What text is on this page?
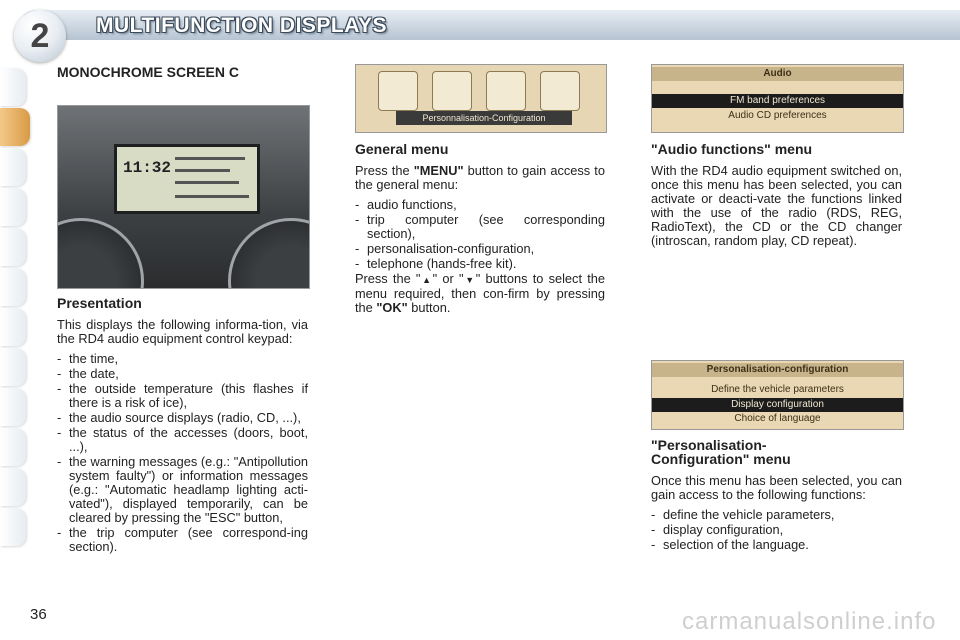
2	MULTIFUNCTION DISPLAYS
MONOCHROME SCREEN C
11:32
Presentation

This displays the following informa-tion, via the RD4 audio equipment control keypad:

- the time,
- the date,
- the outside temperature (this flashes if there is a risk of ice),
- the audio source displays (radio, CD, ...),
- the status of the accesses (doors, boot, ...),
- the warning messages (e.g.: "Antipollution system faulty") or information messages (e.g.: "Automatic headlamp lighting acti-vated"), displayed temporarily, can be cleared by pressing the "ESC" button,
- the trip computer (see correspond-ing section).
Personnalisation-Configuration
General menu

Press the "MENU" button to gain access to the general menu:

- audio functions,
- trip computer (see corresponding section),
- personalisation-configuration,
- telephone (hands-free kit).

Press the "▲" or "▼" buttons to select the menu required, then con-firm by pressing the "OK" button.

Audio
FM band preferences
Audio CD preferences
"Audio functions" menu

With the RD4 audio equipment switched on, once this menu has been selected, you can activate or deacti-vate the functions linked with the use of the radio (RDS, REG, RadioText), the CD or the CD changer (introscan, random play, CD repeat).

Personalisation-configuration
Define the vehicle parameters
Display configuration
Choice of language
"Personalisation-
Configuration" menu

Once this menu has been selected, you can gain access to the following functions:

- define the vehicle parameters,
- display configuration,
- selection of the language.
36	carmanualsonline.info
